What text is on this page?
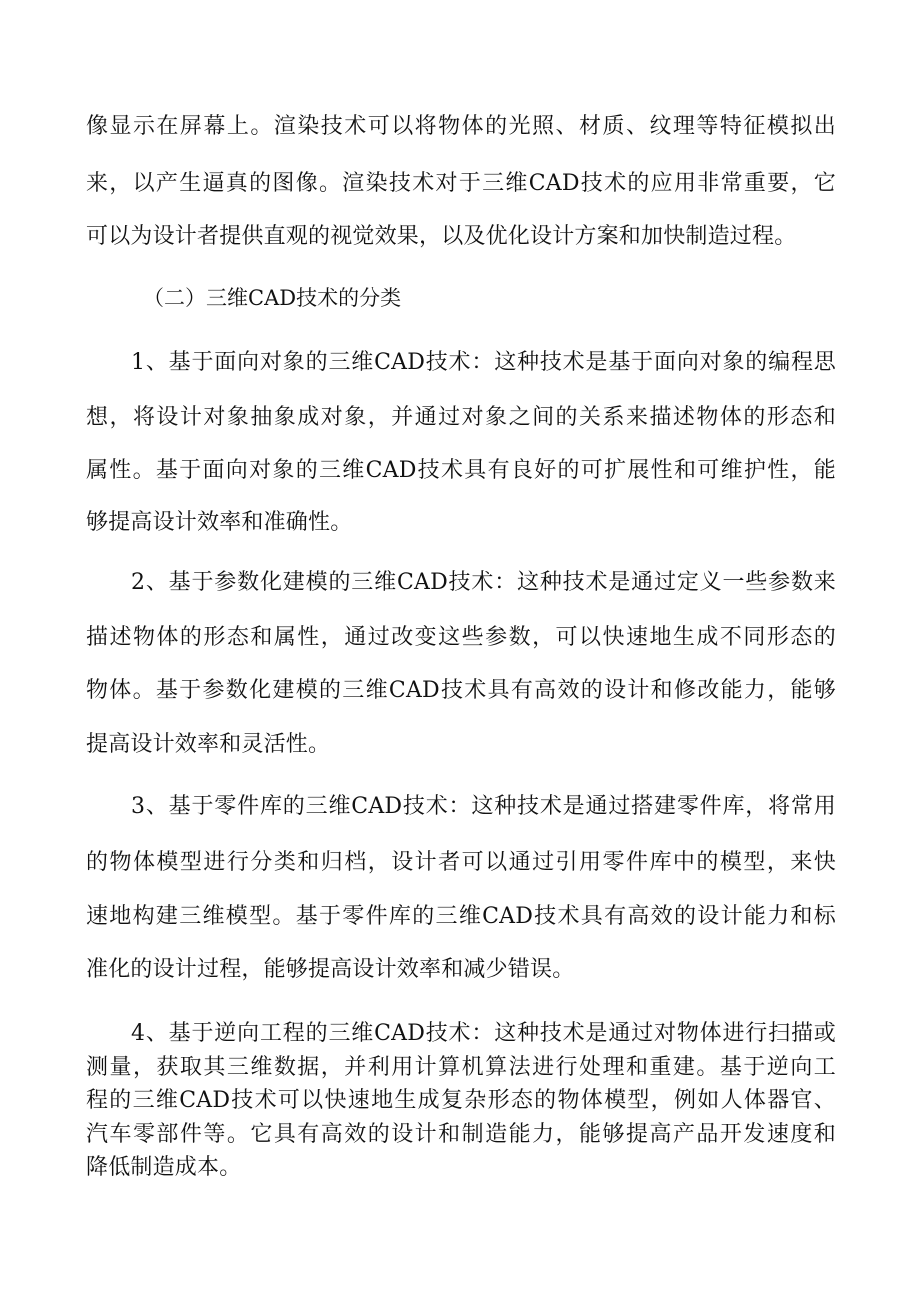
像显示在屏幕上。渲染技术可以将物体的光照、材质、纹理等特征模拟出
来，以产生逼真的图像。渲染技术对于三维CAD技术的应用非常重要，它
可以为设计者提供直观的视觉效果，以及优化设计方案和加快制造过程。
（二）三维CAD技术的分类
1、基于面向对象的三维CAD技术：这种技术是基于面向对象的编程思
想，将设计对象抽象成对象，并通过对象之间的关系来描述物体的形态和
属性。基于面向对象的三维CAD技术具有良好的可扩展性和可维护性，能
够提高设计效率和准确性。
2、基于参数化建模的三维CAD技术：这种技术是通过定义一些参数来
描述物体的形态和属性，通过改变这些参数，可以快速地生成不同形态的
物体。基于参数化建模的三维CAD技术具有高效的设计和修改能力，能够
提高设计效率和灵活性。
3、基于零件库的三维CAD技术：这种技术是通过搭建零件库，将常用
的物体模型进行分类和归档，设计者可以通过引用零件库中的模型，来快
速地构建三维模型。基于零件库的三维CAD技术具有高效的设计能力和标
准化的设计过程，能够提高设计效率和减少错误。
4、基于逆向工程的三维CAD技术：这种技术是通过对物体进行扫描或
测量，获取其三维数据，并利用计算机算法进行处理和重建。基于逆向工
程的三维CAD技术可以快速地生成复杂形态的物体模型，例如人体器官、
汽车零部件等。它具有高效的设计和制造能力，能够提高产品开发速度和
降低制造成本。
